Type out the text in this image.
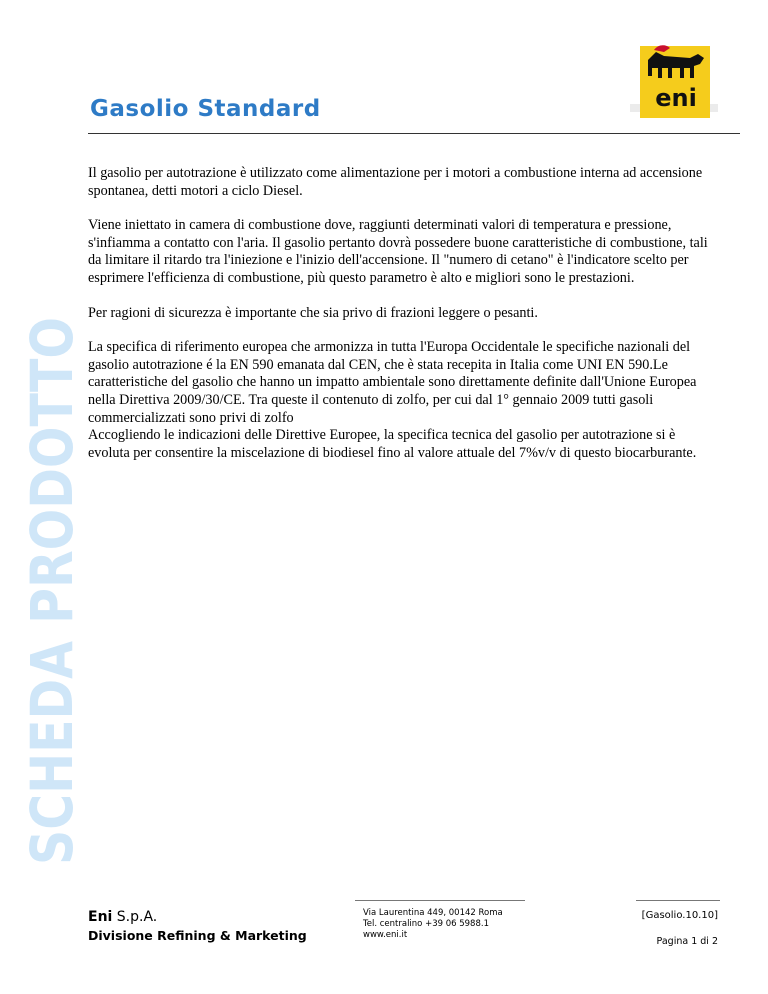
SCHEDA PRODOTTO
Gasolio Standard	eni

Il gasolio per autotrazione è utilizzato come alimentazione per i motori a combustione interna ad accensione spontanea, detti motori a ciclo Diesel.

Viene iniettato in camera di combustione dove, raggiunti determinati valori di temperatura e pressione, s'infiamma a contatto con l'aria. Il gasolio pertanto dovrà possedere buone caratteristiche di combustione, tali da limitare il ritardo tra l'iniezione e l'inizio dell'accensione. Il "numero di cetano" è l'indicatore scelto per esprimere l'efficienza di combustione, più questo parametro è alto e migliori sono le prestazioni.

Per ragioni di sicurezza è importante che sia privo di frazioni leggere o pesanti.

La specifica di riferimento europea che armonizza in tutta l'Europa Occidentale le specifiche nazionali del gasolio autotrazione é la EN 590 emanata dal CEN, che è stata recepita in Italia come UNI EN 590.Le caratteristiche del gasolio che hanno un impatto ambientale sono direttamente definite dall'Unione Europea nella Direttiva 2009/30/CE. Tra queste il contenuto di zolfo, per cui dal 1° gennaio 2009 tutti gasoli commercializzati sono privi di zolfo
Accogliendo le indicazioni delle Direttive Europee, la specifica tecnica del gasolio per autotrazione si è evoluta per consentire la miscelazione di biodiesel fino al valore attuale del 7%v/v di questo biocarburante.

Eni S.p.A.
Divisione Refining & Marketing
Via Laurentina 449, 00142 Roma
Tel. centralino +39 06 5988.1
www.eni.it
[Gasolio.10.10]
Pagina 1 di 2
